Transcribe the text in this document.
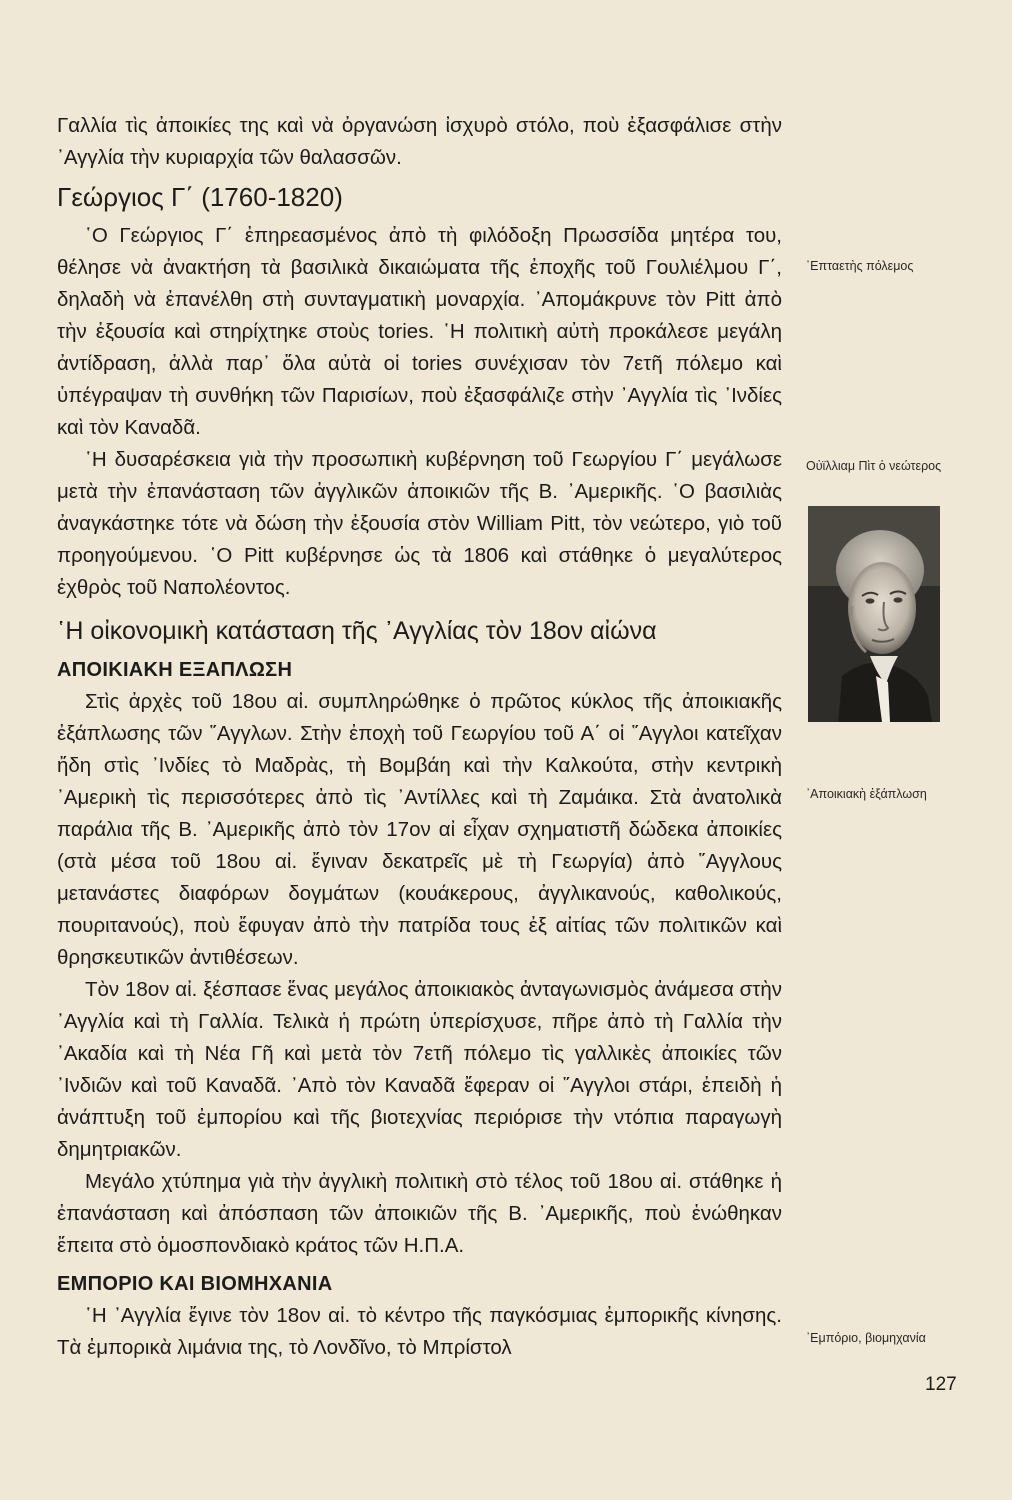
Γαλλία τὶς ἀποικίες της καὶ νὰ ὀργανώση ἰσχυρὸ στόλο, ποὺ ἐξασφάλισε στὴν ᾿Αγγλία τὴν κυριαρχία τῶν θαλασσῶν.

Γεώργιος Γ΄ (1760-1820)

῾Ο Γεώργιος Γ΄ ἐπηρεασμένος ἀπὸ τὴ φιλόδοξη Πρωσσίδα μητέρα του, θέλησε νὰ ἀνακτήση τὰ βασιλικὰ δικαιώματα τῆς ἐποχῆς τοῦ Γουλιέλμου Γ΄, δηλαδὴ νὰ ἐπανέλθη στὴ συνταγματικὴ μοναρχία. ᾿Απομάκρυνε τὸν Pitt ἀπὸ τὴν ἐξουσία καὶ στηρίχτηκε στοὺς tories. ῾Η πολιτικὴ αὐτὴ προκάλεσε μεγάλη ἀντίδραση, ἀλλὰ παρ᾿ ὅλα αὐτὰ οἱ tories συνέχισαν τὸν 7ετῆ πόλεμο καὶ ὑπέγραψαν τὴ συνθήκη τῶν Παρισίων, ποὺ ἐξασφάλιζε στὴν ᾿Αγγλία τὶς ᾿Ινδίες καὶ τὸν Καναδᾶ.

῾Η δυσαρέσκεια γιὰ τὴν προσωπικὴ κυβέρνηση τοῦ Γεωργίου Γ΄ μεγάλωσε μετὰ τὴν ἐπανάσταση τῶν ἀγγλικῶν ἀποικιῶν τῆς Β. ᾿Αμερικῆς. ῾Ο βασιλιὰς ἀναγκάστηκε τότε νὰ δώση τὴν ἐξουσία στὸν William Pitt, τὸν νεώτερο, γιὸ τοῦ προηγούμενου. ῾Ο Pitt κυβέρνησε ὡς τὰ 1806 καὶ στάθηκε ὁ μεγαλύτερος ἐχθρὸς τοῦ Ναπολέοντος.

῾Η οἰκονομικὴ κατάσταση τῆς ᾿Αγγλίας τὸν 18ον αἰώνα
ΑΠΟΙΚΙΑΚΗ ΕΞΑΠΛΩΣΗ

Στὶς ἀρχὲς τοῦ 18ου αἰ. συμπληρώθηκε ὁ πρῶτος κύκλος τῆς ἀποικιακῆς ἐξάπλωσης τῶν ῞Αγγλων. Στὴν ἐποχὴ τοῦ Γεωργίου τοῦ Α΄ οἱ ῞Αγγλοι κατεῖχαν ἤδη στὶς ᾿Ινδίες τὸ Μαδρὰς, τὴ Βομβάη καὶ τὴν Καλκούτα, στὴν κεντρικὴ ᾿Αμερικὴ τὶς περισσότερες ἀπὸ τὶς ᾿Αντίλλες καὶ τὴ Ζαμάικα. Στὰ ἀνατολικὰ παράλια τῆς Β. ᾿Αμερικῆς ἀπὸ τὸν 17ον αἰ εἶχαν σχηματιστῆ δώδεκα ἀποικίες (στὰ μέσα τοῦ 18ου αἰ. ἔγιναν δεκατρεῖς μὲ τὴ Γεωργία) ἀπὸ ῞Αγγλους μετανάστες διαφόρων δογμάτων (κουάκερους, ἀγγλικανούς, καθολικούς, πουριτανούς), ποὺ ἔφυγαν ἀπὸ τὴν πατρίδα τους ἐξ αἰτίας τῶν πολιτικῶν καὶ θρησκευτικῶν ἀντιθέσεων.

Τὸν 18ον αἰ. ξέσπασε ἕνας μεγάλος ἀποικιακὸς ἀνταγωνισμὸς ἀνάμεσα στὴν ᾿Αγγλία καὶ τὴ Γαλλία. Τελικὰ ἡ πρώτη ὑπερίσχυσε, πῆρε ἀπὸ τὴ Γαλλία τὴν ᾿Ακαδία καὶ τὴ Νέα Γῆ καὶ μετὰ τὸν 7ετῆ πόλεμο τὶς γαλλικὲς ἀποικίες τῶν ᾿Ινδιῶν καὶ τοῦ Καναδᾶ. ᾿Απὸ τὸν Καναδᾶ ἔφεραν οἱ ῞Αγγλοι στάρι, ἐπειδὴ ἡ ἀνάπτυξη τοῦ ἐμπορίου καὶ τῆς βιοτεχνίας περιόρισε τὴν ντόπια παραγωγὴ δημητριακῶν.

Μεγάλο χτύπημα γιὰ τὴν ἀγγλικὴ πολιτικὴ στὸ τέλος τοῦ 18ου αἰ. στάθηκε ἡ ἐπανάσταση καὶ ἀπόσπαση τῶν ἀποικιῶν τῆς Β. ᾿Αμερικῆς, ποὺ ἑνώθηκαν ἔπειτα στὸ ὁμοσπονδιακὸ κράτος τῶν Η.Π.Α.

ΕΜΠΟΡΙΟ ΚΑΙ ΒΙΟΜΗΧΑΝΙΑ

῾Η ᾿Αγγλία ἔγινε τὸν 18ον αἰ. τὸ κέντρο τῆς παγκόσμιας ἐμπορικῆς κίνησης. Τὰ ἐμπορικὰ λιμάνια της, τὸ Λονδῖνο, τὸ Μπρίστολ

῾Επταετὴς πόλεμος
Οὐϊλλιαμ Πὶτ ὁ νεώτερος
᾿Αποικιακὴ ἐξάπλωση
᾿Εμπόριο, βιομηχανία
127
